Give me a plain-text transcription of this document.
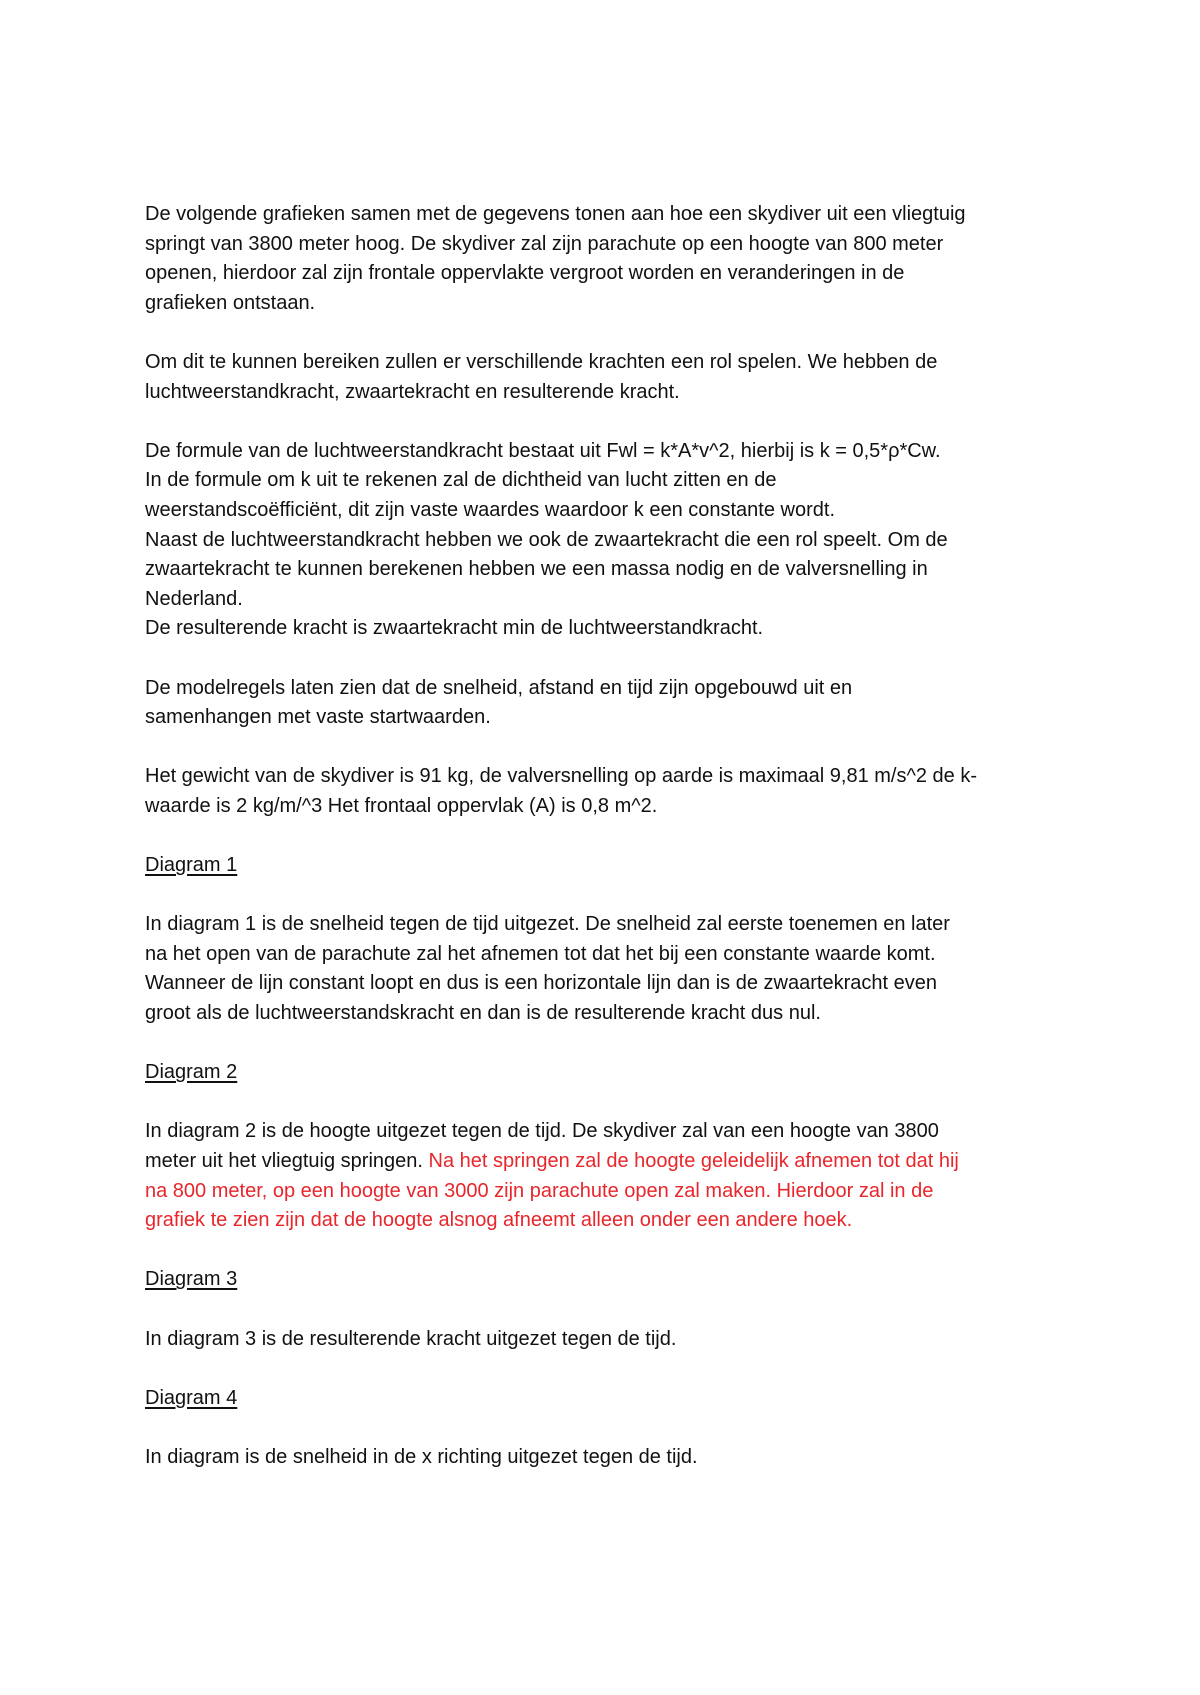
De volgende grafieken samen met de gegevens tonen aan hoe een skydiver uit een vliegtuig
springt van 3800 meter hoog. De skydiver zal zijn parachute op een hoogte van 800 meter
openen, hierdoor zal zijn frontale oppervlakte vergroot worden en veranderingen in de
grafieken ontstaan.

Om dit te kunnen bereiken zullen er verschillende krachten een rol spelen. We hebben de
luchtweerstandkracht, zwaartekracht en resulterende kracht.

De formule van de luchtweerstandkracht bestaat uit Fwl = k*A*v^2, hierbij is k = 0,5*ρ*Cw.
In de formule om k uit te rekenen zal de dichtheid van lucht zitten en de
weerstandscoëfficiënt, dit zijn vaste waardes waardoor k een constante wordt.
Naast de luchtweerstandkracht hebben we ook de zwaartekracht die een rol speelt. Om de
zwaartekracht te kunnen berekenen hebben we een massa nodig en de valversnelling in
Nederland.
De resulterende kracht is zwaartekracht min de luchtweerstandkracht.

De modelregels laten zien dat de snelheid, afstand en tijd zijn opgebouwd uit en
samenhangen met vaste startwaarden.

Het gewicht van de skydiver is 91 kg, de valversnelling op aarde is maximaal 9,81 m/s^2 de k-
waarde is 2 kg/m/^3 Het frontaal oppervlak (A) is 0,8 m^2.

Diagram 1

In diagram 1 is de snelheid tegen de tijd uitgezet. De snelheid zal eerste toenemen en later
na het open van de parachute zal het afnemen tot dat het bij een constante waarde komt.
Wanneer de lijn constant loopt en dus is een horizontale lijn dan is de zwaartekracht even
groot als de luchtweerstandskracht en dan is de resulterende kracht dus nul.

Diagram 2

In diagram 2 is de hoogte uitgezet tegen de tijd. De skydiver zal van een hoogte van 3800
meter uit het vliegtuig springen. Na het springen zal de hoogte geleidelijk afnemen tot dat hij
na 800 meter, op een hoogte van 3000 zijn parachute open zal maken. Hierdoor zal in de
grafiek te zien zijn dat de hoogte alsnog afneemt alleen onder een andere hoek.

Diagram 3

In diagram 3 is de resulterende kracht uitgezet tegen de tijd.

Diagram 4

In diagram is de snelheid in de x richting uitgezet tegen de tijd.
